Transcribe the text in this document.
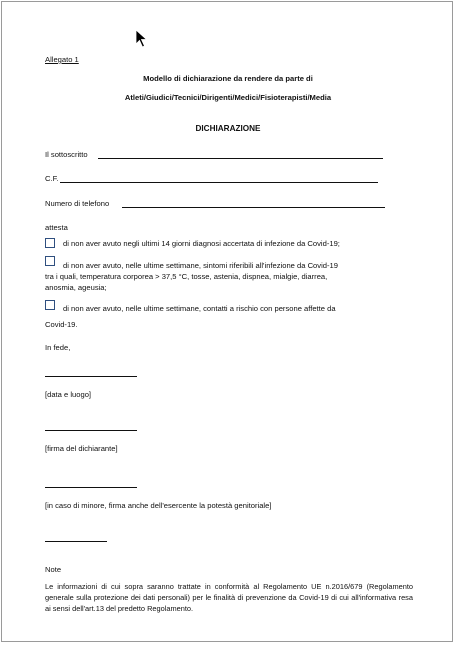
Allegato 1
Modello di dichiarazione da rendere da parte di
Atleti/Giudici/Tecnici/Dirigenti/Medici/Fisioterapisti/Media
DICHIARAZIONE
Il sottoscritto
C.F.
Numero di telefono
attesta
di non aver avuto negli ultimi 14 giorni diagnosi accertata di infezione da Covid-19;
di non aver avuto, nelle ultime settimane, sintomi riferibili all'infezione da Covid-19
tra i quali, temperatura corporea > 37,5 °C, tosse, astenia, dispnea, mialgie, diarrea,
anosmia, ageusia;
di non aver avuto, nelle ultime settimane, contatti a rischio con persone affette da
Covid-19.
In fede,
[data e luogo]
[firma del dichiarante]
[in caso di minore, firma anche dell'esercente la potestà genitoriale]
Note
Le informazioni di cui sopra saranno trattate in conformità al Regolamento UE n.2016/679 (Regolamento generale sulla protezione dei dati personali) per le finalità di prevenzione da Covid-19 di cui all'informativa resa ai sensi dell'art.13 del predetto Regolamento.
